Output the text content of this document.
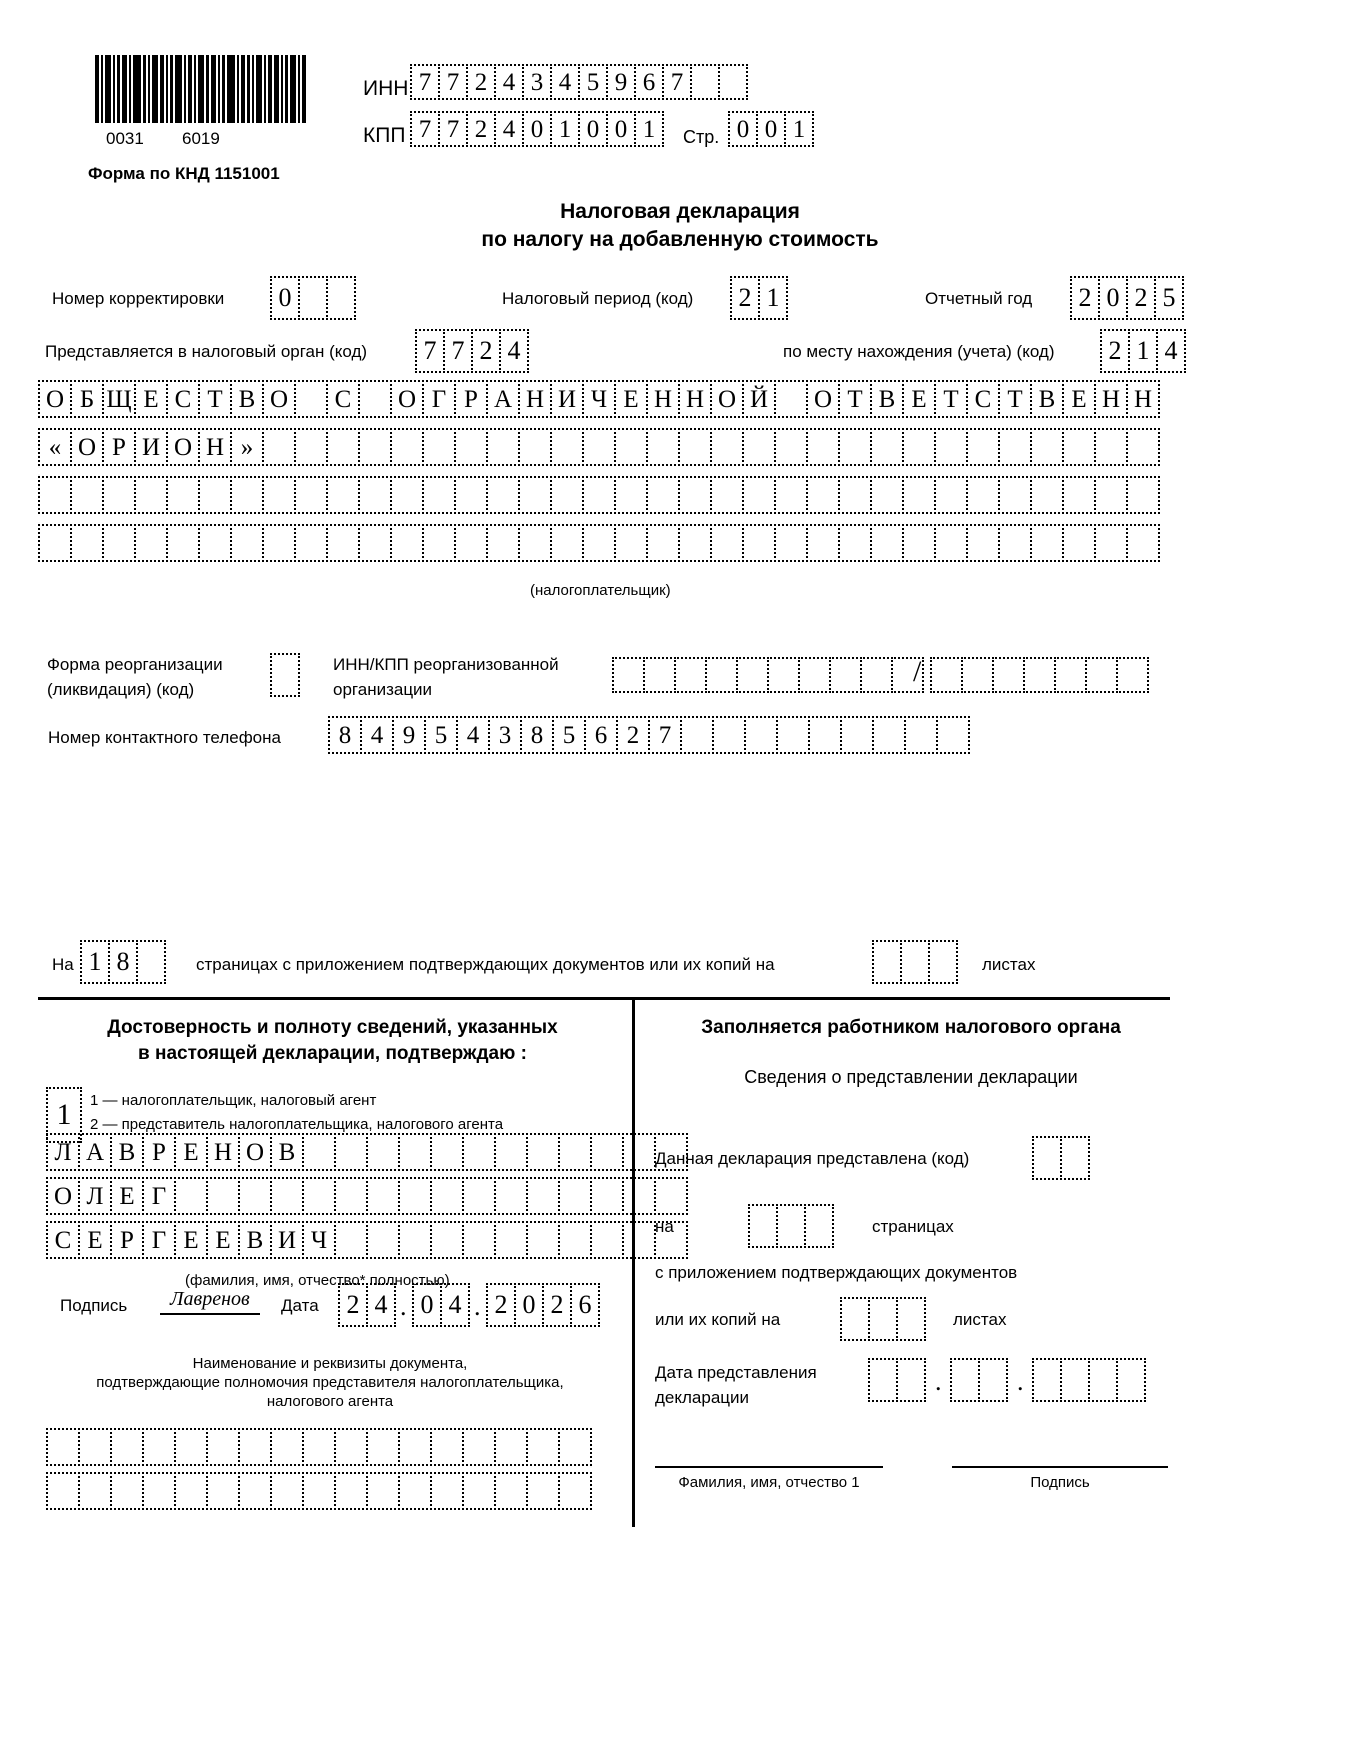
0031 6019
Форма по КНД 1151001
ИНН 7 7 2 4 3 4 5 9 6 7
КПП 7 7 2 4 0 1 0 0 1	Стр. 0 0 1
Налоговая декларация
по налогу на добавленную стоимость
Номер корректировки	0	Налоговый период (код)	2 1	Отчетный год	2 0 2 5
Представляется в налоговый орган (код)	7 7 2 4	по месту нахождения (учета) (код)	2 1 4
О Б Щ Е С Т В О	С	О Г Р А Н И Ч Е Н Н О Й	О Т В Е Т С Т В Е Н Н
« О Р И О Н »
(налогоплательщик)
Форма реорганизации
(ликвидация) (код)
ИНН/КПП реорганизованной
организации
/
Номер контактного телефона	8 4 9 5 4 3 8 5 6 2 7
На 1 8	страницах с приложением подтверждающих документов или их копий на	листах
Достоверность и полноту сведений, указанных
в настоящей декларации, подтверждаю :
1	1 — налогоплательщик, налоговый агент
2 — представитель налогоплательщика, налогового агента
Л А В Р Е Н О В
О Л Е Г
С Е Р Г Е Е В И Ч
(фамилия, имя, отчество* полностью)
Подпись	Лавренов	Дата	2 4 . 0 4 . 2 0 2 6
Наименование и реквизиты документа,
подтверждающие полномочия представителя налогоплательщика,
налогового агента
Заполняется работником налогового органа
Сведения о представлении декларации
Данная декларация представлена (код)
на	страницах
с приложением подтверждающих документов
или их копий на	листах
Дата представления
декларации
.	.
Фамилия, имя, отчество 1	Подпись
